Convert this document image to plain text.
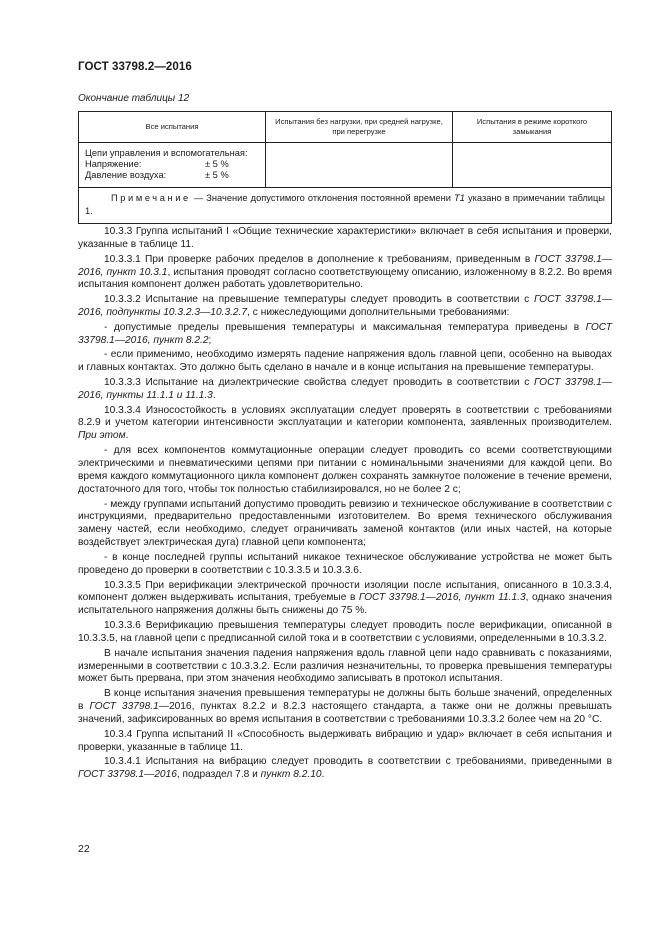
ГОСТ 33798.2—2016
Окончание таблицы 12
Все испытания	Испытания без нагрузки, при средней нагрузке, при перегрузке	Испытания в режиме короткого замыкания

Цепи управления и вспомогательная:
Напряжение: ± 5 %
Давление воздуха: ± 5 %		

Примечание — Значение допустимого отклонения постоянной времени T1 указано в примечании таблицы 1.		

10.3.3 Группа испытаний I «Общие технические характеристики» включает в себя испытания и проверки, указанные в таблице 11.

10.3.3.1 При проверке рабочих пределов в дополнение к требованиям, приведенным в ГОСТ 33798.1—2016, пункт 10.3.1, испытания проводят согласно соответствующему описанию, изложенному в 8.2.2. Во время испытания компонент должен работать удовлетворительно.

10.3.3.2 Испытание на превышение температуры следует проводить в соответствии с ГОСТ 33798.1—2016, подпункты 10.3.2.3—10.3.2.7, с нижеследующими дополнительными требованиями:

- допустимые пределы превышения температуры и максимальная температура приведены в ГОСТ 33798.1—2016, пункт 8.2.2;

- если применимо, необходимо измерять падение напряжения вдоль главной цепи, особенно на выводах и главных контактах. Это должно быть сделано в начале и в конце испытания на превышение температуры.

10.3.3.3 Испытание на диэлектрические свойства следует проводить в соответствии с ГОСТ 33798.1—2016, пункты 11.1.1 и 11.1.3.

10.3.3.4 Износостойкость в условиях эксплуатации следует проверять в соответствии с требованиями 8.2.9 и учетом категории интенсивности эксплуатации и категории компонента, заявленных производителем. При этом.

- для всех компонентов коммутационные операции следует проводить со всеми соответствующими электрическими и пневматическими цепями при питании с номинальными значениями для каждой цепи. Во время каждого коммутационного цикла компонент должен сохранять замкнутое положение в течение времени, достаточного для того, чтобы ток полностью стабилизировался, но не более 2 с;

- между группами испытаний допустимо проводить ревизию и техническое обслуживание в соответствии с инструкциями, предварительно предоставленными изготовителем. Во время технического обслуживания замену частей, если необходимо, следует ограничивать заменой контактов (или иных частей, на которые воздействует электрическая дуга) главной цепи компонента;

- в конце последней группы испытаний никакое техническое обслуживание устройства не может быть проведено до проверки в соответствии с 10.3.3.5 и 10.3.3.6.

10.3.3.5 При верификации электрической прочности изоляции после испытания, описанного в 10.3.3.4, компонент должен выдерживать испытания, требуемые в ГОСТ 33798.1—2016, пункт 11.1.3, однако значения испытательного напряжения должны быть снижены до 75 %.

10.3.3.6 Верификацию превышения температуры следует проводить после верификации, описанной в 10.3.3.5, на главной цепи с предписанной силой тока и в соответствии с условиями, определенными в 10.3.3.2.

В начале испытания значения падения напряжения вдоль главной цепи надо сравнивать с показаниями, измеренными в соответствии с 10.3.3.2. Если различия незначительны, то проверка превышения температуры может быть прервана, при этом значения необходимо записывать в протокол испытания.

В конце испытания значения превышения температуры не должны быть больше значений, определенных в ГОСТ 33798.1—2016, пунктах 8.2.2 и 8.2.3 настоящего стандарта, а также они не должны превышать значений, зафиксированных во время испытания в соответствии с требованиями 10.3.3.2 более чем на 20 °С.

10.3.4 Группа испытаний II «Способность выдерживать вибрацию и удар» включает в себя испытания и проверки, указанные в таблице 11.

10.3.4.1 Испытания на вибрацию следует проводить в соответствии с требованиями, приведенными в ГОСТ 33798.1—2016, подраздел 7.8 и пункт 8.2.10.

22
